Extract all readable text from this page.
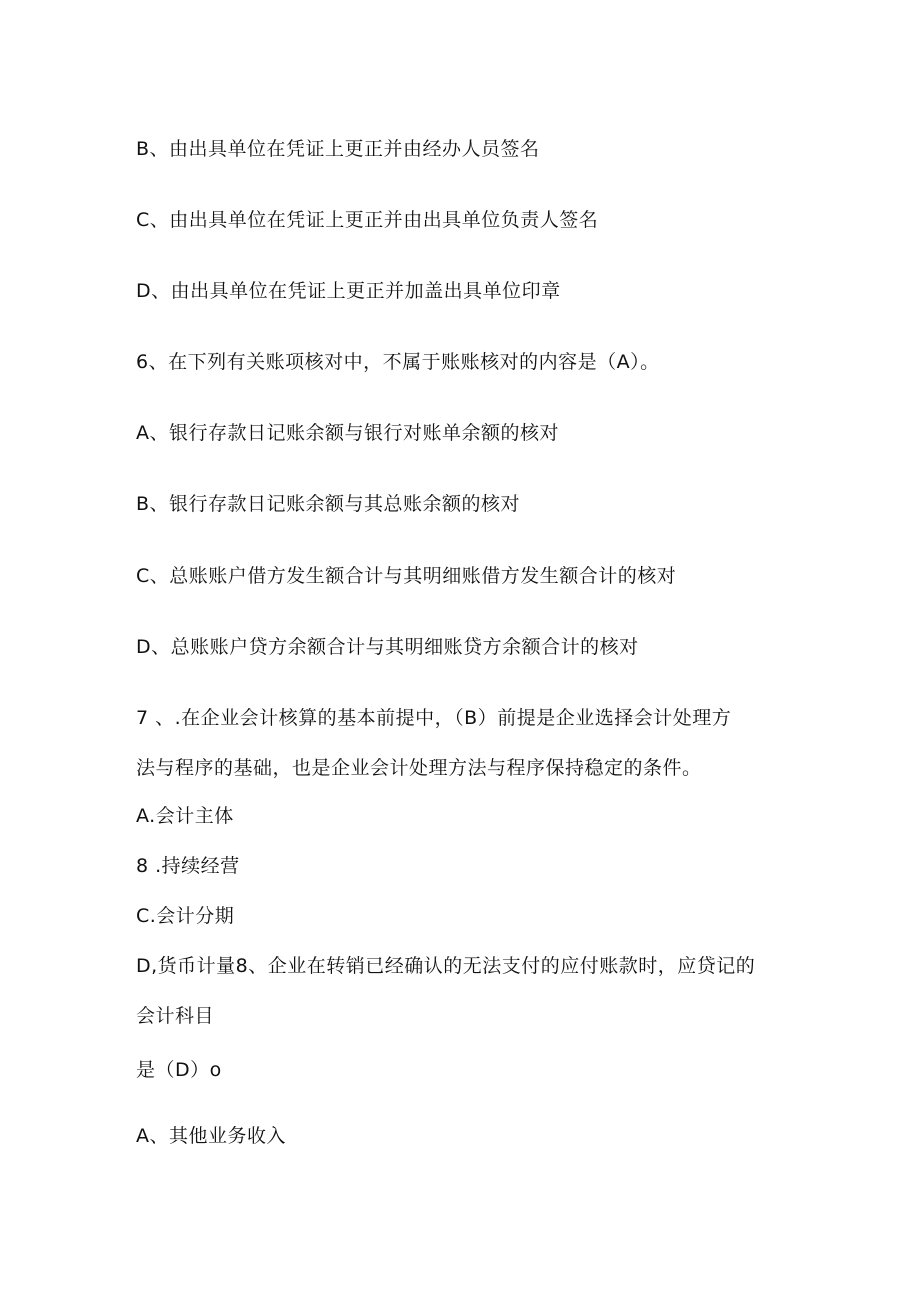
B、由出具单位在凭证上更正并由经办人员签名
C、由出具单位在凭证上更正并由出具单位负责人签名
D、由出具单位在凭证上更正并加盖出具单位印章
6、在下列有关账项核对中，不属于账账核对的内容是（A）。
A、银行存款日记账余额与银行对账单余额的核对
B、银行存款日记账余额与其总账余额的核对
C、总账账户借方发生额合计与其明细账借方发生额合计的核对
D、总账账户贷方余额合计与其明细账贷方余额合计的核对
7 、.在企业会计核算的基本前提中，（B）前提是企业选择会计处理方
法与程序的基础，也是企业会计处理方法与程序保持稳定的条件。
A.会计主体
8 .持续经营
C.会计分期
D,货币计量8、企业在转销已经确认的无法支付的应付账款时，应贷记的
会计科目
是（D）o
A、其他业务收入
